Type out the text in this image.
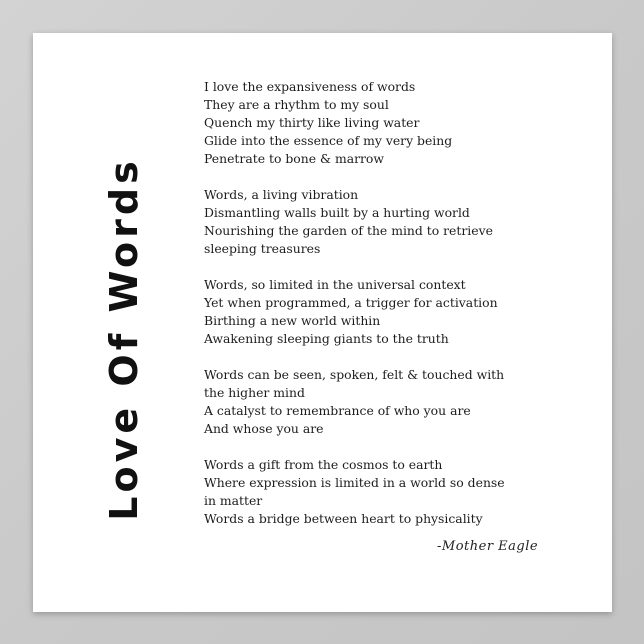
Love Of Words
I love the expansiveness of words
They are a rhythm to my soul
Quench my thirty like living water
Glide into the essence of my very being
Penetrate to bone & marrow
Words, a living vibration
Dismantling walls built by a hurting world
Nourishing the garden of the mind to retrieve
sleeping treasures
Words, so limited in the universal context
Yet when programmed, a trigger for activation
Birthing a new world within
Awakening sleeping giants to the truth
Words can be seen, spoken, felt & touched with
the higher mind
A catalyst to remembrance of who you are
And whose you are
Words a gift from the cosmos to earth
Where expression is limited in a world so dense
in matter
Words a bridge between heart to physicality
-Mother Eagle
